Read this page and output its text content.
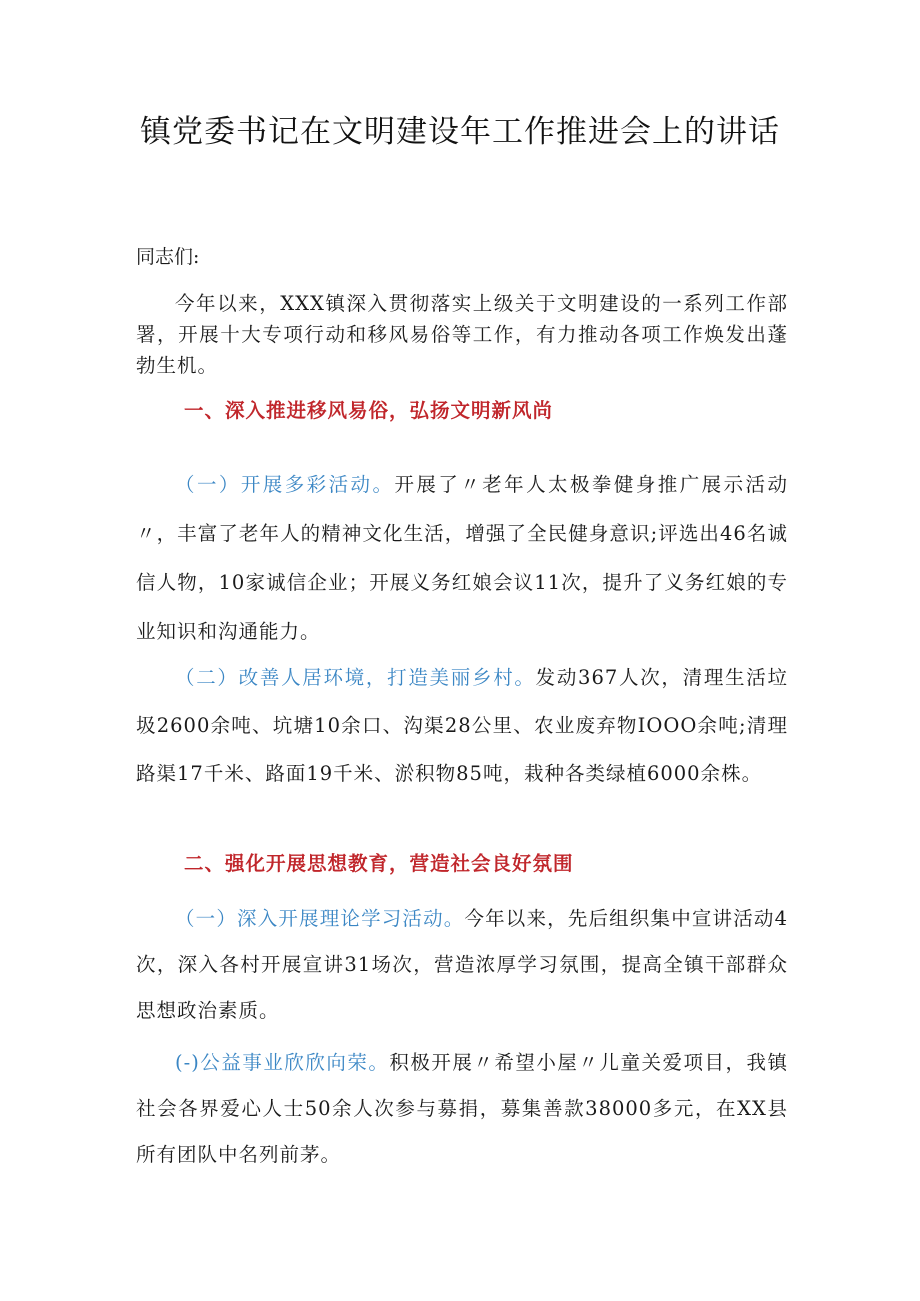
镇党委书记在文明建设年工作推进会上的讲话

同志们:

今年以来，XXX镇深入贯彻落实上级关于文明建设的一系列工作部署，开展十大专项行动和移风易俗等工作，有力推动各项工作焕发出蓬勃生机。

一、深入推进移风易俗，弘扬文明新风尚

（一）开展多彩活动。开展了〃老年人太极拳健身推广展示活动〃，丰富了老年人的精神文化生活，增强了全民健身意识;评选出46名诚信人物，10家诚信企业；开展义务红娘会议11次，提升了义务红娘的专业知识和沟通能力。

（二）改善人居环境，打造美丽乡村。发动367人次，清理生活垃圾2600余吨、坑塘10余口、沟渠28公里、农业废弃物IOOO余吨;清理路渠17千米、路面19千米、淤积物85吨，栽种各类绿植6000余株。

二、强化开展思想教育，营造社会良好氛围

（一）深入开展理论学习活动。今年以来，先后组织集中宣讲活动4次，深入各村开展宣讲31场次，营造浓厚学习氛围，提高全镇干部群众思想政治素质。

(-)公益事业欣欣向荣。积极开展〃希望小屋〃儿童关爱项目，我镇社会各界爱心人士50余人次参与募捐，募集善款38000多元，在XX县所有团队中名列前茅。
